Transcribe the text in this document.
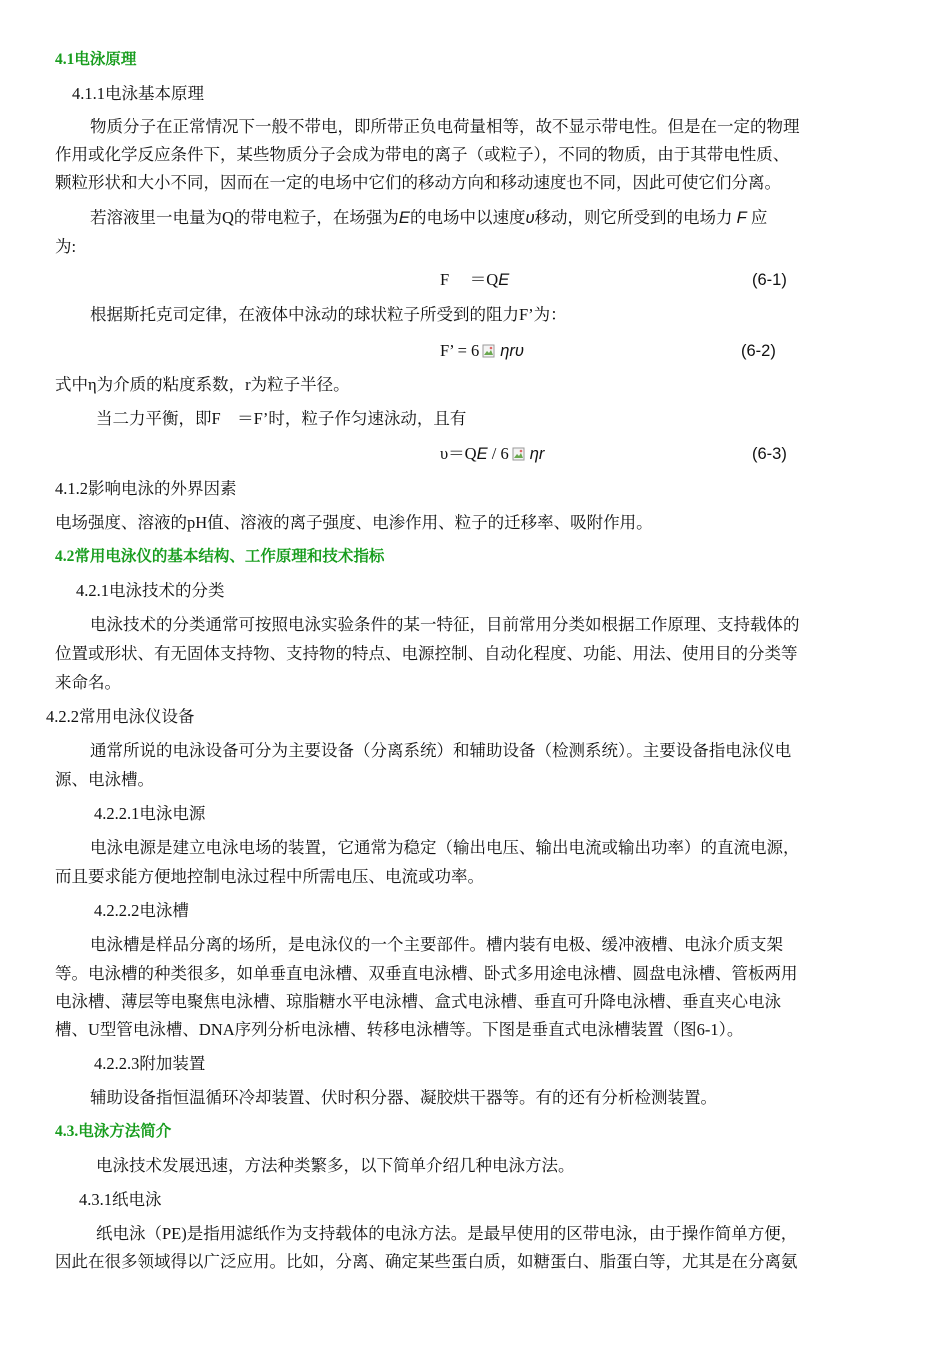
4.1电泳原理
4.1.1电泳基本原理
物质分子在正常情况下一般不带电，即所带正负电荷量相等，故不显示带电性。但是在一定的物理
作用或化学反应条件下，某些物质分子会成为带电的离子（或粒子），不同的物质，由于其带电性质、
颗粒形状和大小不同，因而在一定的电场中它们的移动方向和移动速度也不同，因此可使它们分离。
若溶液里一电量为Q的带电粒子，在场强为E的电场中以速度υ移动，则它所受到的电场力 F 应
为:
F　 ＝QE	(6-1)
根据斯托克司定律，在液体中泳动的球状粒子所受到的阻力F’为：
F’ = 6 ηrυ	(6-2)
式中η为介质的粘度系数，r为粒子半径。
当二力平衡，即F　＝F’时，粒子作匀速泳动，且有
υ＝QE / 6 ηr	(6-3)
4.1.2影响电泳的外界因素
电场强度、溶液的pH值、溶液的离子强度、电渗作用、粒子的迁移率、吸附作用。
4.2常用电泳仪的基本结构、工作原理和技术指标
4.2.1电泳技术的分类
电泳技术的分类通常可按照电泳实验条件的某一特征，目前常用分类如根据工作原理、支持载体的
位置或形状、有无固体支持物、支持物的特点、电源控制、自动化程度、功能、用法、使用目的分类等
来命名。
4.2.2常用电泳仪设备
通常所说的电泳设备可分为主要设备（分离系统）和辅助设备（检测系统）。主要设备指电泳仪电
源、电泳槽。
4.2.2.1电泳电源
电泳电源是建立电泳电场的装置，它通常为稳定（输出电压、输出电流或输出功率）的直流电源，
而且要求能方便地控制电泳过程中所需电压、电流或功率。
4.2.2.2电泳槽
电泳槽是样品分离的场所，是电泳仪的一个主要部件。槽内装有电极、缓冲液槽、电泳介质支架
等。电泳槽的种类很多，如单垂直电泳槽、双垂直电泳槽、卧式多用途电泳槽、圆盘电泳槽、管板两用
电泳槽、薄层等电聚焦电泳槽、琼脂糖水平电泳槽、盒式电泳槽、垂直可升降电泳槽、垂直夹心电泳
槽、U型管电泳槽、DNA序列分析电泳槽、转移电泳槽等。下图是垂直式电泳槽装置（图6-1）。
4.2.2.3附加装置
辅助设备指恒温循环冷却装置、伏时积分器、凝胶烘干器等。有的还有分析检测装置。
4.3.电泳方法简介
电泳技术发展迅速，方法种类繁多，以下简单介绍几种电泳方法。
4.3.1纸电泳
纸电泳（PE)是指用滤纸作为支持载体的电泳方法。是最早使用的区带电泳，由于操作简单方便，
因此在很多领域得以广泛应用。比如，分离、确定某些蛋白质，如糖蛋白、脂蛋白等，尤其是在分离氨
